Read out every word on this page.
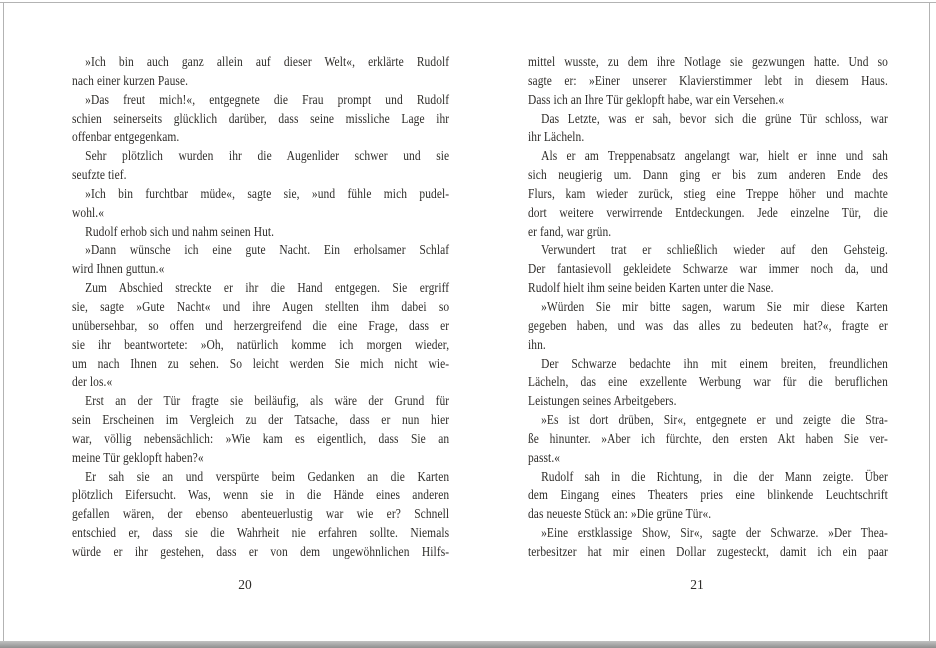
»Ich bin auch ganz allein auf dieser Welt«, erklärte Rudolf
nach einer kurzen Pause.
»Das freut mich!«, entgegnete die Frau prompt und Rudolf
schien seinerseits glücklich darüber, dass seine missliche Lage ihr
offenbar entgegenkam.
Sehr plötzlich wurden ihr die Augenlider schwer und sie
seufzte tief.
»Ich bin furchtbar müde«, sagte sie, »und fühle mich pudel-
wohl.«
Rudolf erhob sich und nahm seinen Hut.
»Dann wünsche ich eine gute Nacht. Ein erholsamer Schlaf
wird Ihnen guttun.«
Zum Abschied streckte er ihr die Hand entgegen. Sie ergriff
sie, sagte »Gute Nacht« und ihre Augen stellten ihm dabei so
unübersehbar, so offen und herzergreifend die eine Frage, dass er
sie ihr beantwortete: »Oh, natürlich komme ich morgen wieder,
um nach Ihnen zu sehen. So leicht werden Sie mich nicht wie-
der los.«
Erst an der Tür fragte sie beiläufig, als wäre der Grund für
sein Erscheinen im Vergleich zu der Tatsache, dass er nun hier
war, völlig nebensächlich: »Wie kam es eigentlich, dass Sie an
meine Tür geklopft haben?«
Er sah sie an und verspürte beim Gedanken an die Karten
plötzlich Eifersucht. Was, wenn sie in die Hände eines anderen
gefallen wären, der ebenso abenteuerlustig war wie er? Schnell
entschied er, dass sie die Wahrheit nie erfahren sollte. Niemals
würde er ihr gestehen, dass er von dem ungewöhnlichen Hilfs-
mittel wusste, zu dem ihre Notlage sie gezwungen hatte. Und so
sagte er: »Einer unserer Klavierstimmer lebt in diesem Haus.
Dass ich an Ihre Tür geklopft habe, war ein Versehen.«
Das Letzte, was er sah, bevor sich die grüne Tür schloss, war
ihr Lächeln.
Als er am Treppenabsatz angelangt war, hielt er inne und sah
sich neugierig um. Dann ging er bis zum anderen Ende des
Flurs, kam wieder zurück, stieg eine Treppe höher und machte
dort weitere verwirrende Entdeckungen. Jede einzelne Tür, die
er fand, war grün.
Verwundert trat er schließlich wieder auf den Gehsteig.
Der fantasievoll gekleidete Schwarze war immer noch da, und
Rudolf hielt ihm seine beiden Karten unter die Nase.
»Würden Sie mir bitte sagen, warum Sie mir diese Karten
gegeben haben, und was das alles zu bedeuten hat?«, fragte er
ihn.
Der Schwarze bedachte ihn mit einem breiten, freundlichen
Lächeln, das eine exzellente Werbung war für die beruflichen
Leistungen seines Arbeitgebers.
»Es ist dort drüben, Sir«, entgegnete er und zeigte die Stra-
ße hinunter. »Aber ich fürchte, den ersten Akt haben Sie ver-
passt.«
Rudolf sah in die Richtung, in die der Mann zeigte. Über
dem Eingang eines Theaters pries eine blinkende Leuchtschrift
das neueste Stück an: »Die grüne Tür«.
»Eine erstklassige Show, Sir«, sagte der Schwarze. »Der Thea-
terbesitzer hat mir einen Dollar zugesteckt, damit ich ein paar
20	21
